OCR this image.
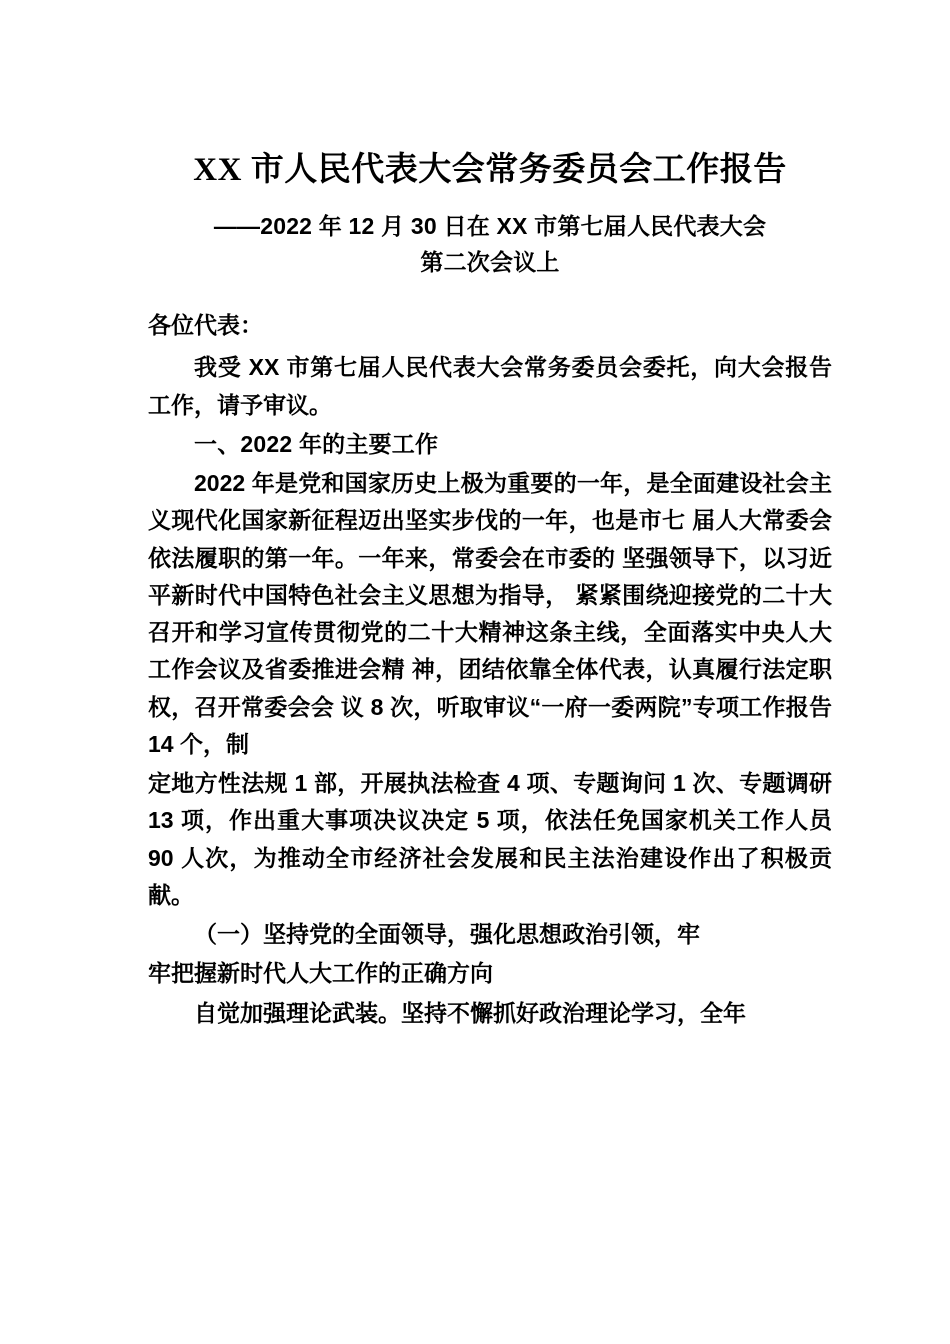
XX 市人民代表大会常务委员会工作报告
——2022 年 12 月 30 日在 XX 市第七届人民代表大会
第二次会议上
各位代表：

我受 XX 市第七届人民代表大会常务委员会委托，向大会报告工作，请予审议。

一、2022 年的主要工作

2022 年是党和国家历史上极为重要的一年，是全面建设社会主义现代化国家新征程迈出坚实步伐的一年，也是市七 届人大常委会依法履职的第一年。一年来，常委会在市委的 坚强领导下，以习近平新时代中国特色社会主义思想为指导， 紧紧围绕迎接党的二十大召开和学习宣传贯彻党的二十大精神这条主线，全面落实中央人大工作会议及省委推进会精 神，团结依靠全体代表，认真履行法定职权，召开常委会会 议 8 次，听取审议“一府一委两院”专项工作报告 14 个，制

定地方性法规 1 部，开展执法检查 4 项、专题询问 1 次、专题调研 13 项，作出重大事项决议决定 5 项，依法任免国家机关工作人员 90 人次，为推动全市经济社会发展和民主法治建设作出了积极贡献。

（一）坚持党的全面领导，强化思想政治引领，牢

牢把握新时代人大工作的正确方向

自觉加强理论武装。坚持不懈抓好政治理论学习，全年
